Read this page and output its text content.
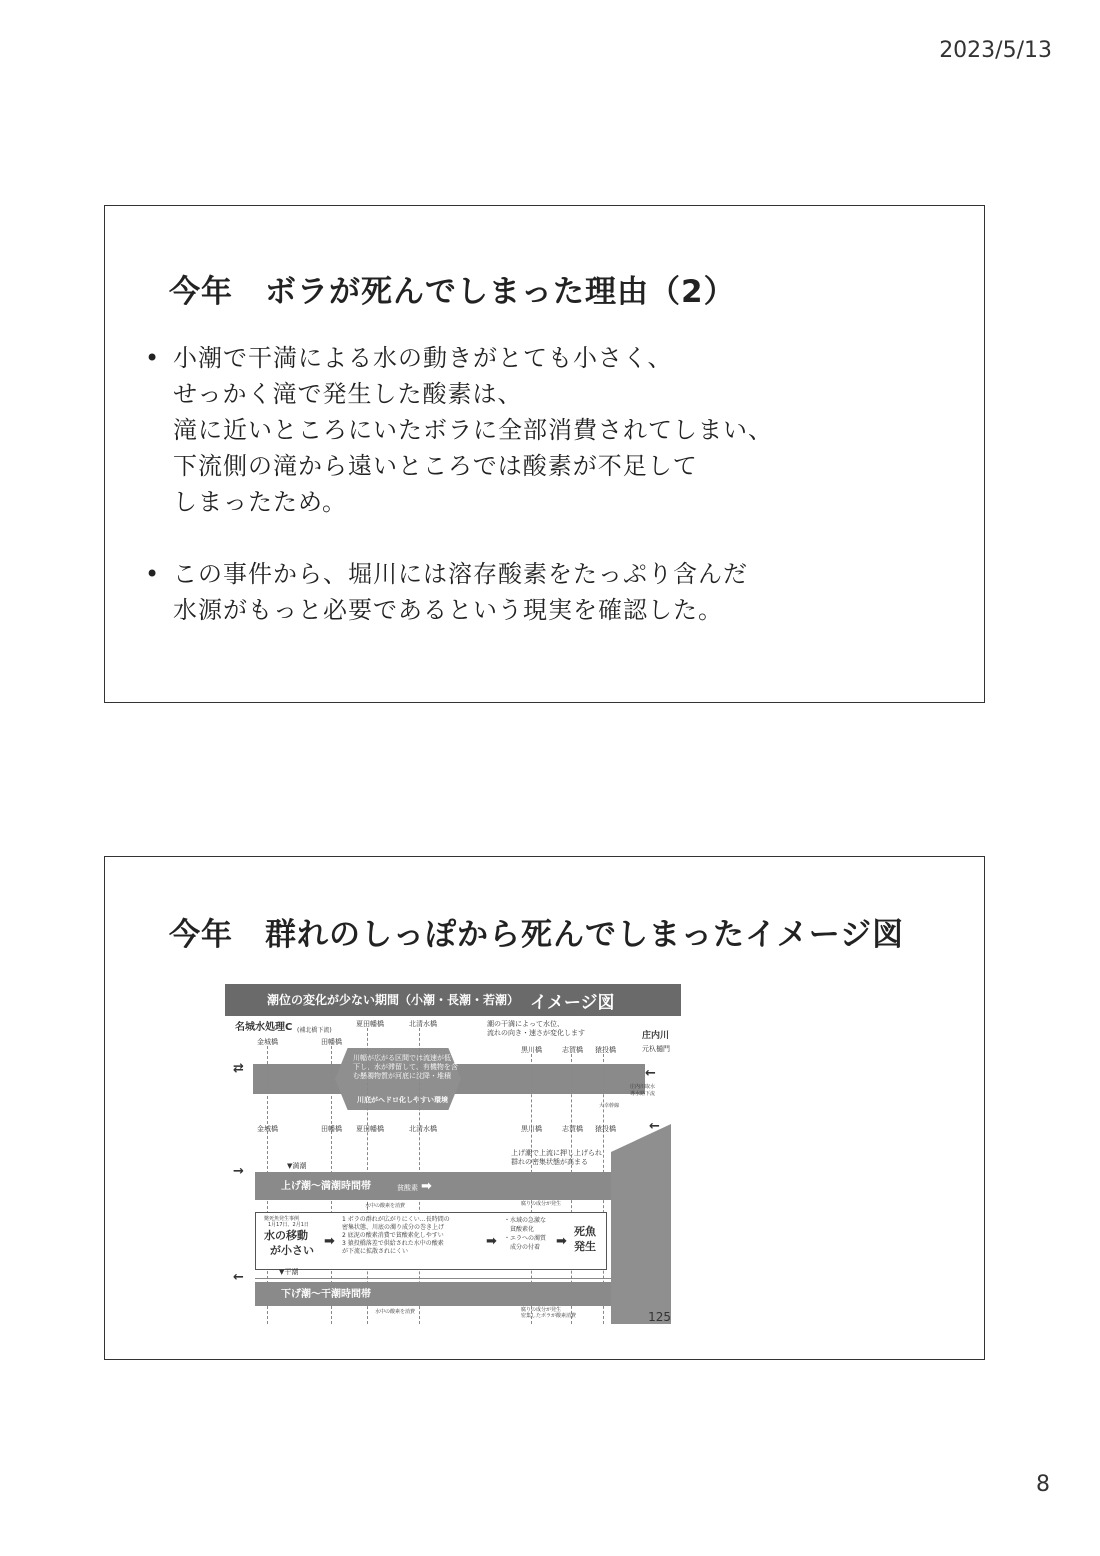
2023/5/13
今年　ボラが死んでしまった理由（2）
• 小潮で干満による水の動きがとても小さく、
せっかく滝で発生した酸素は、
滝に近いところにいたボラに全部消費されてしまい、
下流側の滝から遠いところでは酸素が不足して
しまったため。
• この事件から、堀川には溶存酸素をたっぷり含んだ
水源がもっと必要であるという現実を確認した。
今年　群れのしっぽから死んでしまったイメージ図
潮位の変化が少ない期間（小潮・長潮・若潮） イメージ図
名城水処理C (補北橋下流)
金城橋	田幡橋
夏田幡橋	北清水橋
黒川橋	志賀橋 猿投橋
潮の干満によって水位、
流れの向き・速さが変化します	庄内川
元杁樋門
川幅が広がる区間では流速が低
下し、水が滞留して、有機物を含
む懸濁物質が河底に沈降・堆積
川底がヘドロ化しやすい環境
庄内川取水
導水路下流
大幸幹線
⇄	←
金城橋	田幡橋 夏田幡橋	北清水橋	黒川橋	志賀橋 猿投橋	←
上げ潮で上流に押し上げられ
群れの密集状態が高まる
▼満潮
→
上げ潮～満潮時間帯	貧酸素 ➡
水中の酸素を消費	腐りの成分が発生
斃死魚発生事例
1月17日、2月1日
水の移動
が小さい
➡
1 ボラの群れが広がりにくい…長時間の
密集状態、川底の濁り成分の巻き上げ
2 底泥の酸素消費で貧酸素化しやすい
3 猿投橋落差で供給された水中の酸素
が下流に拡散されにくい
➡
・水域の急激な
貧酸素化
・エラへの濁質
成分の付着 ➡
死魚
発生
▼干潮
←
下げ潮～干潮時間帯
水中の酸素を消費	腐りの成分が発生
密集したボラが酸素消費	125
8
